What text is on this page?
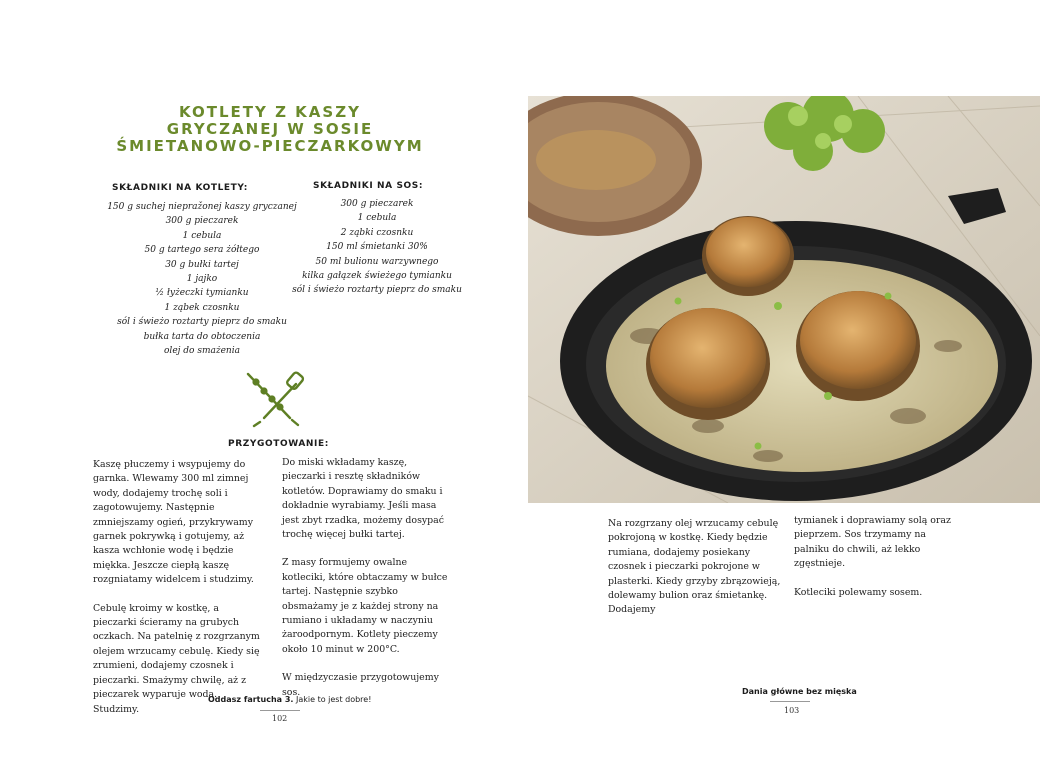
KOTLETY Z KASZY
GRYCZANEJ W SOSIE
ŚMIETANOWO-PIECZARKOWYM
SKŁADNIKI NA KOTLETY:
150 g suchej niepražonej kaszy gryczanej
300 g pieczarek
1 cebula
50 g tartego sera żółtego
30 g bułki tartej
1 jajko
½ łyżeczki tymianku
1 ząbek czosnku
sól i świeżo roztarty pieprz do smaku
bułka tarta do obtoczenia
olej do smażenia
SKŁADNIKI NA SOS:
300 g pieczarek
1 cebula
2 ząbki czosnku
150 ml śmietanki 30%
50 ml bulionu warzywnego
kilka gałązek świeżego tymianku
sól i świeżo roztarty pieprz do smaku
PRZYGOTOWANIE:

Kaszę płuczemy i wsypujemy do garnka. Wlewamy 300 ml zimnej wody, dodajemy trochę soli i zagotowujemy. Następnie zmniejszamy ogień, przykrywamy garnek pokrywką i gotujemy, aż kasza wchłonie wodę i będzie miękka. Jeszcze ciepłą kaszę rozgniatamy widelcem i studzimy.

Cebulę kroimy w kostkę, a pieczarki ścieramy na grubych oczkach. Na patelnię z rozgrzanym olejem wrzucamy cebulę. Kiedy się zrumieni, dodajemy czosnek i pieczarki. Smażymy chwilę, aż z pieczarek wyparuje woda. Studzimy.

Do miski wkładamy kaszę, pieczarki i resztę składników kotletów. Doprawiamy do smaku i dokładnie wyrabiamy. Jeśli masa jest zbyt rzadka, możemy dosypać trochę więcej bułki tartej.

Z masy formujemy owalne kotleciki, które obtaczamy w bułce tartej. Następnie szybko obsmażamy je z każdej strony na rumiano i układamy w naczyniu żaroodpornym. Kotlety pieczemy około 10 minut w 200°C.

W międzyczasie przygotowujemy sos.

Oddasz fartucha 3. Jakie to jest dobre!
102

Na rozgrzany olej wrzucamy cebulę pokrojoną w kostkę. Kiedy będzie rumiana, dodajemy posiekany czosnek i pieczarki pokrojone w plasterki. Kiedy grzyby zbrązowieją, dolewamy bulion oraz śmietankę. Dodajemy

tymianek i doprawiamy solą oraz pieprzem. Sos trzymamy na palniku do chwili, aż lekko zgęstnieje.

Kotleciki polewamy sosem.

Dania główne bez mięska
103
